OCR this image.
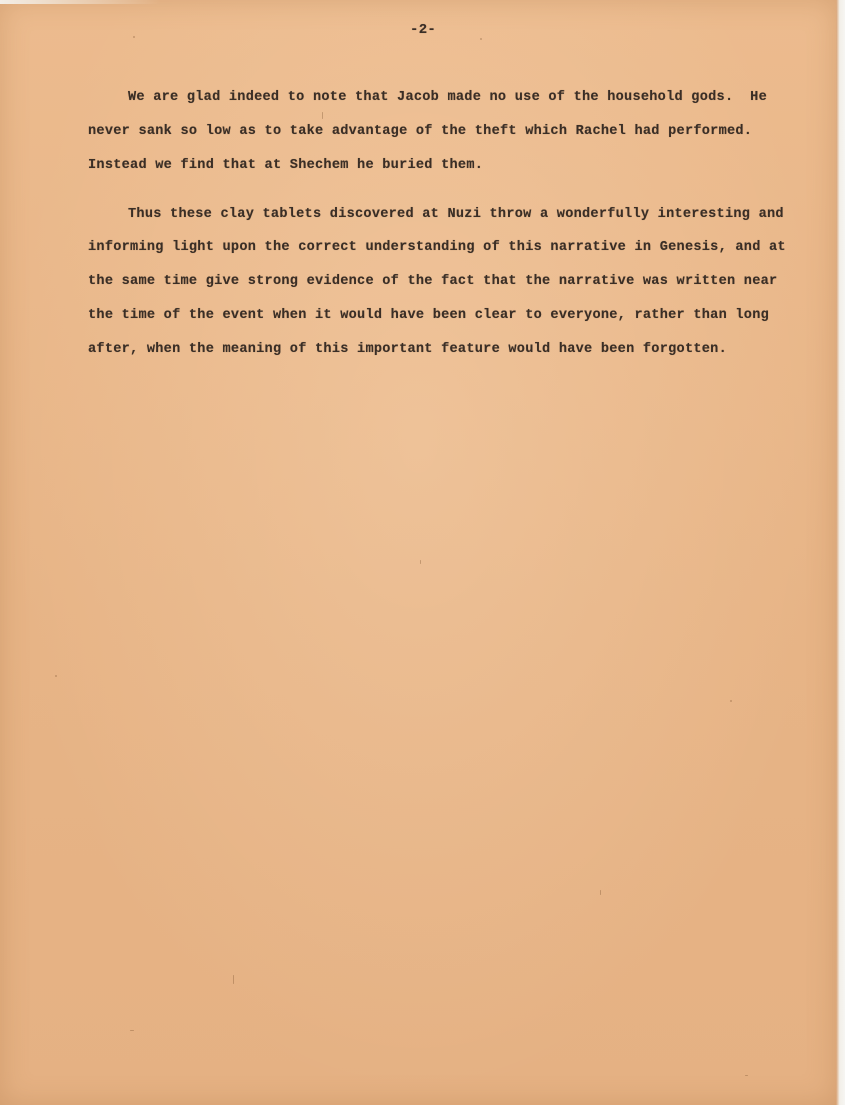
-2-
We are glad indeed to note that Jacob made no use of the household gods.  He
never sank so low as to take advantage of the theft which Rachel had performed.
Instead we find that at Shechem he buried them.
Thus these clay tablets discovered at Nuzi throw a wonderfully interesting and
informing light upon the correct understanding of this narrative in Genesis, and at
the same time give strong evidence of the fact that the narrative was written near
the time of the event when it would have been clear to everyone, rather than long
after, when the meaning of this important feature would have been forgotten.
